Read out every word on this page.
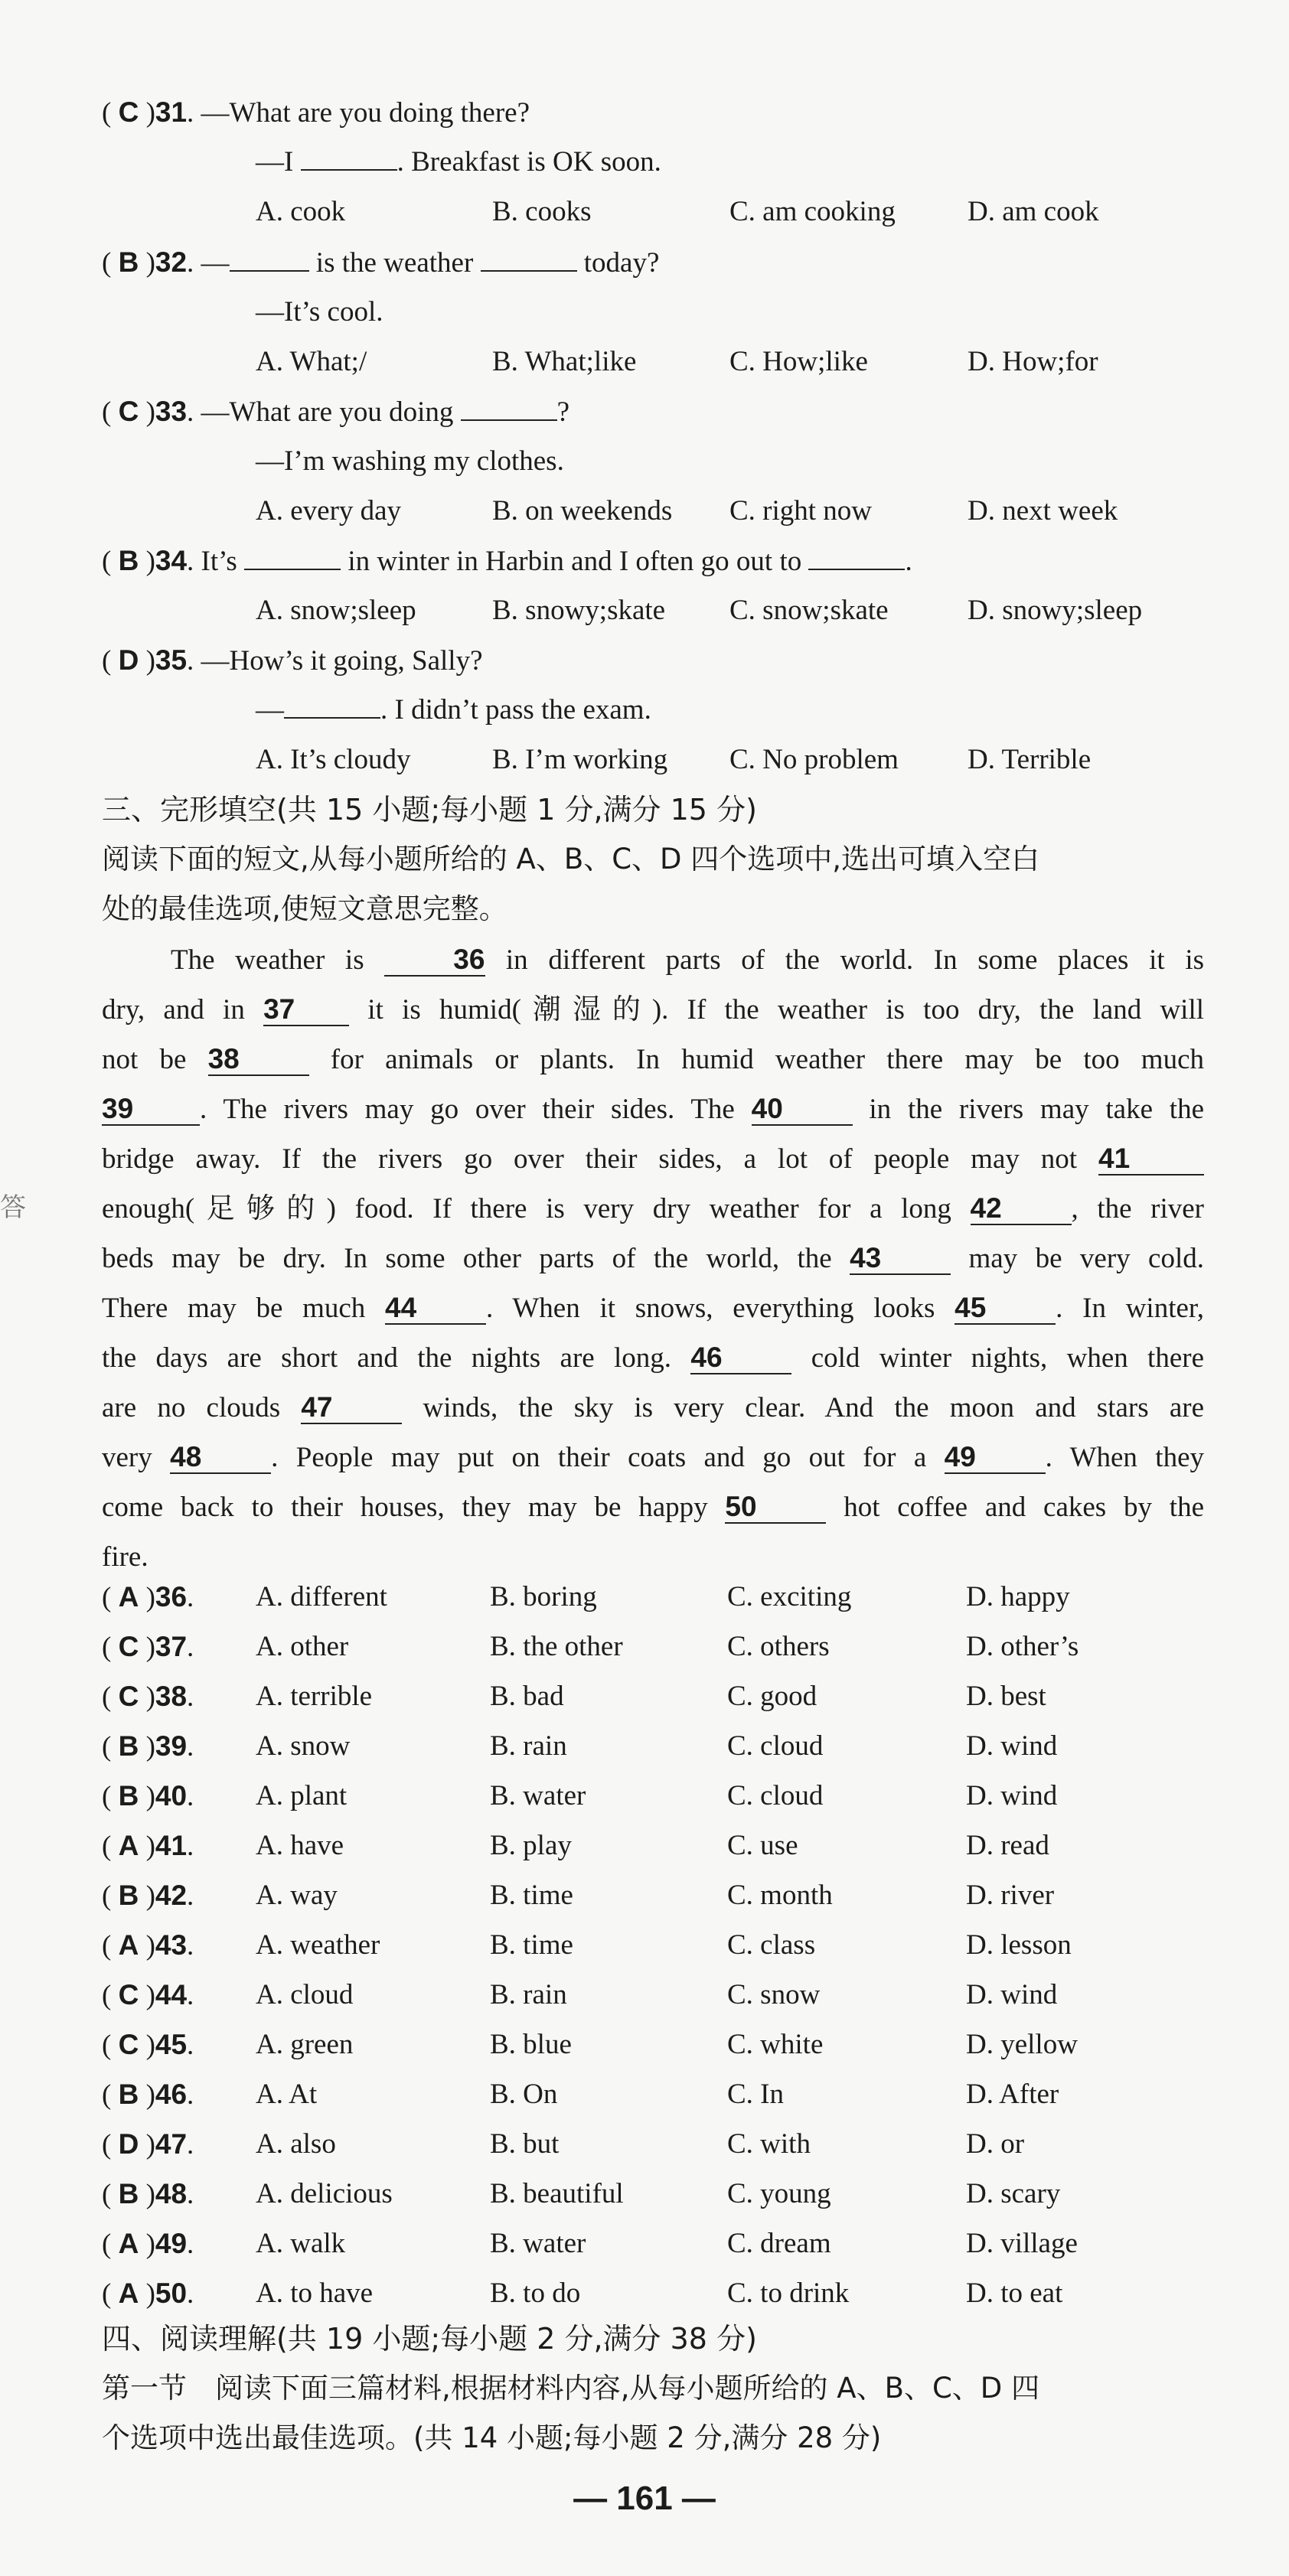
( C )31. —What are you doing there?
—I	. Breakfast is OK soon.
A. cook	B. cooks	C. am cooking	D. am cook
( B )32. —	is the weather	today?
—It’s cool.
A. What;/	B. What;like	C. How;like	D. How;for
( C )33. —What are you doing	?
—I’m washing my clothes.
A. every day	B. on weekends C. right now	D. next week
( B )34. It’s	in winter in Harbin and I often go out to	.
A. snow;sleep	B. snowy;skate C. snow;skate	D. snowy;sleep
( D )35. —How’s it going, Sally?
—	. I didn’t pass the exam.
A. It’s cloudy	B. I’m working C. No problem D. Terrible
三、完形填空(共 15 小题;每小题 1 分,满分 15 分)
阅读下面的短文,从每小题所给的 A、B、C、D 四个选项中,选出可填入空白
处的最佳选项,使短文意思完整。
The weather is 36 in different parts of the world. In some places it is
dry, and in 37 it is humid(潮湿的). If the weather is too dry, the land will
not be 38 for animals or plants. In humid weather there may be too much
39 . The rivers may go over their sides. The 40 in the rivers may take the
bridge away. If the rivers go over their sides, a lot of people may not 41
enough(足够的) food. If there is very dry weather for a long 42 , the river
beds may be dry. In some other parts of the world, the 43 may be very cold.
There may be much 44 . When it snows, everything looks 45 . In winter,
the days are short and the nights are long. 46 cold winter nights, when there
are no clouds 47 winds, the sky is very clear. And the moon and stars are
very 48 . People may put on their coats and go out for a 49 . When they
come back to their houses, they may be happy 50 hot coffee and cakes by the
fire.
( A )36. A. different	B. boring	C. exciting	D. happy
( C )37. A. other	B. the other	C. others	D. other’s
( C )38. A. terrible	B. bad	C. good	D. best
( B )39. A. snow	B. rain	C. cloud	D. wind
( B )40. A. plant	B. water	C. cloud	D. wind
( A )41. A. have	B. play	C. use	D. read
( B )42. A. way	B. time	C. month	D. river
( A )43. A. weather	B. time	C. class	D. lesson
( C )44. A. cloud	B. rain	C. snow	D. wind
( C )45. A. green	B. blue	C. white	D. yellow
( B )46. A. At	B. On	C. In	D. After
( D )47. A. also	B. but	C. with	D. or
( B )48. A. delicious	B. beautiful	C. young	D. scary
( A )49. A. walk	B. water	C. dream	D. village
( A )50. A. to have	B. to do	C. to drink	D. to eat
四、阅读理解(共 19 小题;每小题 2 分,满分 38 分)
第一节　阅读下面三篇材料,根据材料内容,从每小题所给的 A、B、C、D 四
个选项中选出最佳选项。(共 14 小题;每小题 2 分,满分 28 分)
— 161 —
答
